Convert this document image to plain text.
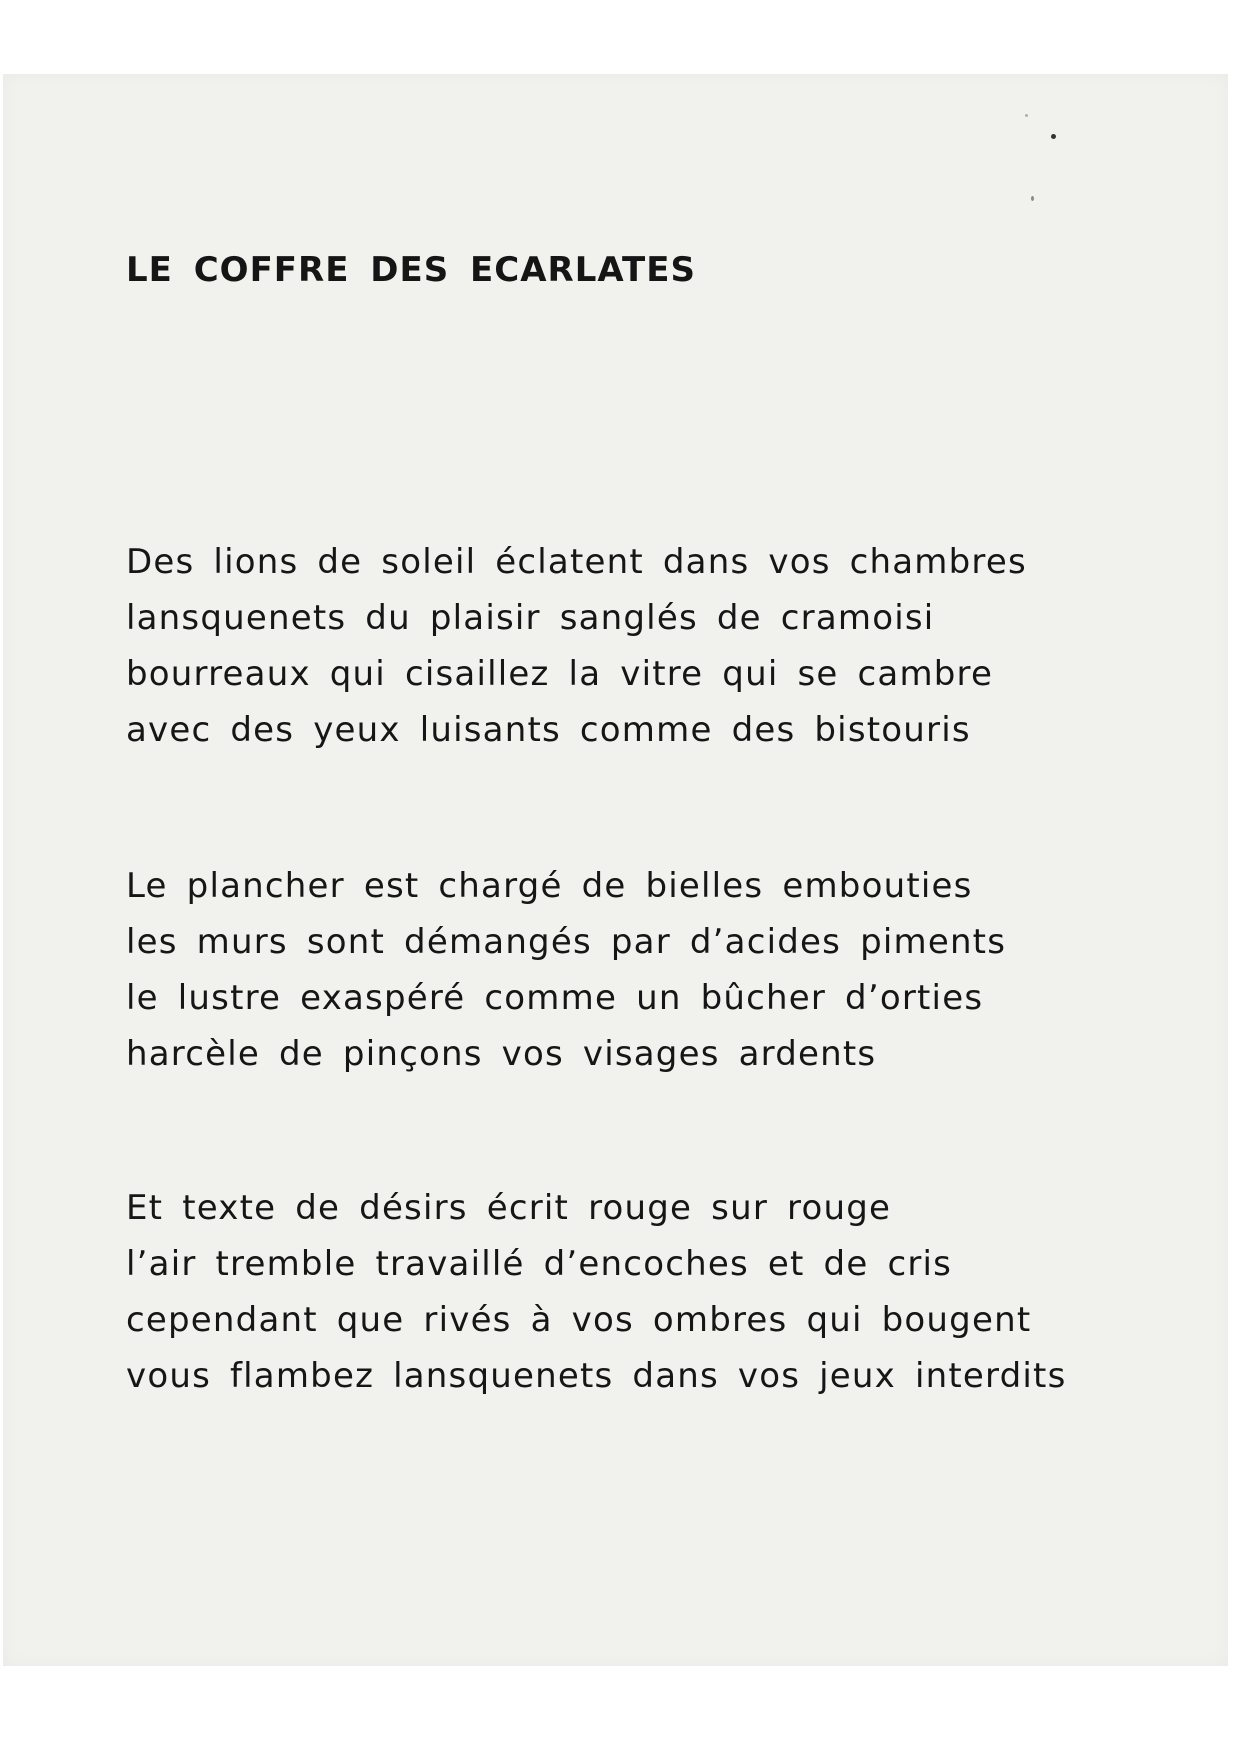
LE COFFRE DES ECARLATES
Des lions de soleil éclatent dans vos chambres
lansquenets du plaisir sanglés de cramoisi
bourreaux qui cisaillez la vitre qui se cambre
avec des yeux luisants comme des bistouris
Le plancher est chargé de bielles embouties
les murs sont démangés par d’acides piments
le lustre exaspéré comme un bûcher d’orties
harcèle de pinçons vos visages ardents
Et texte de désirs écrit rouge sur rouge
l’air tremble travaillé d’encoches et de cris
cependant que rivés à vos ombres qui bougent
vous flambez lansquenets dans vos jeux interdits
